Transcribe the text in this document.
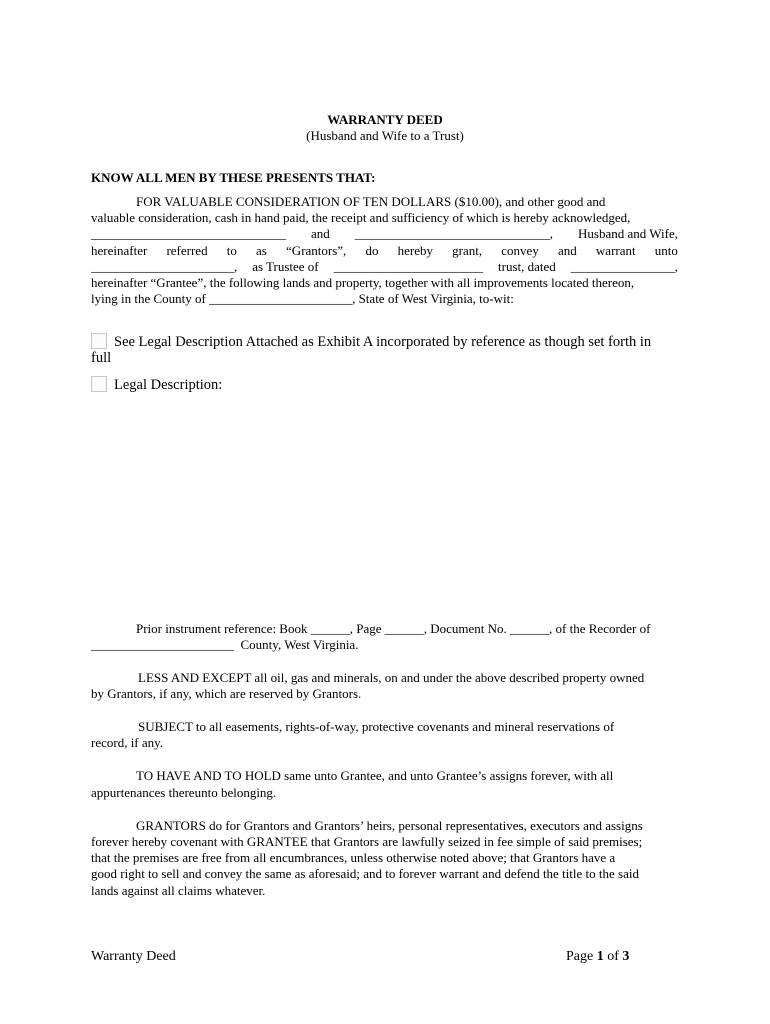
WARRANTY DEED
(Husband and Wife to a Trust)
KNOW ALL MEN BY THESE PRESENTS THAT:
FOR VALUABLE CONSIDERATION OF TEN DOLLARS ($10.00), and other good and
valuable consideration, cash in hand paid, the receipt and sufficiency of which is hereby acknowledged,
______________________________ and ______________________________, Husband and Wife,
hereinafter referred to as “Grantors”, do hereby grant, convey and warrant unto
______________________, as Trustee of _______________________ trust, dated ________________,
hereinafter “Grantee”, the following lands and property, together with all improvements located thereon,
lying in the County of ______________________, State of West Virginia, to-wit:
See Legal Description Attached as Exhibit A incorporated by reference as though set forth in
full
Legal Description:
Prior instrument reference: Book ______, Page ______, Document No. ______, of the Recorder of
______________________  County, West Virginia.
LESS AND EXCEPT all oil, gas and minerals, on and under the above described property owned
by Grantors, if any, which are reserved by Grantors.
SUBJECT to all easements, rights-of-way, protective covenants and mineral reservations of
record, if any.
TO HAVE AND TO HOLD same unto Grantee, and unto Grantee’s assigns forever, with all
appurtenances thereunto belonging.
GRANTORS do for Grantors and Grantors’ heirs, personal representatives, executors and assigns
forever hereby covenant with GRANTEE that Grantors are lawfully seized in fee simple of said premises;
that the premises are free from all encumbrances, unless otherwise noted above; that Grantors have a
good right to sell and convey the same as aforesaid; and to forever warrant and defend the title to the said
lands against all claims whatever.
Warranty Deed	Page 1 of 3
